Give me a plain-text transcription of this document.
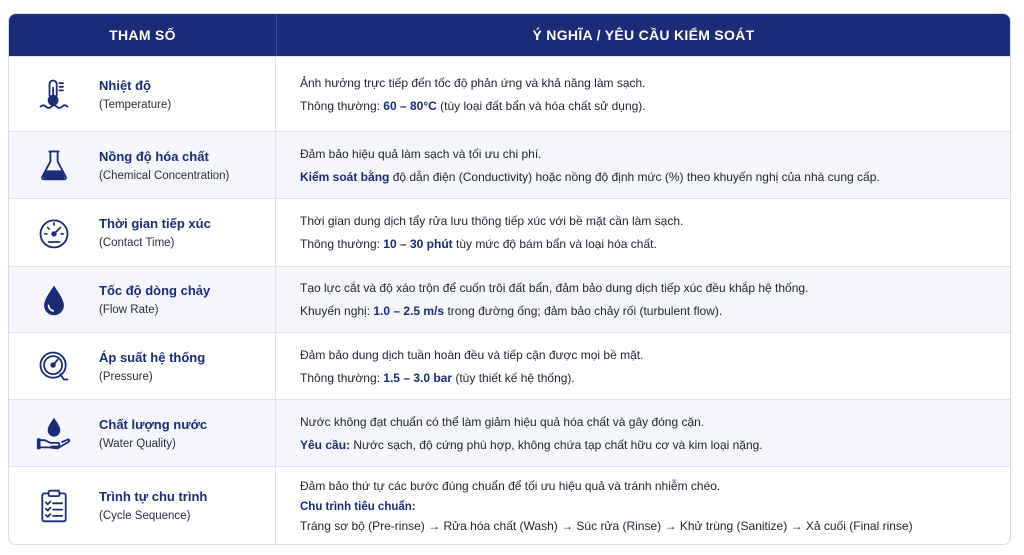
THAM SỐ	Ý NGHĨA / YÊU CẦU KIỂM SOÁT
Nhiệt độ
(Temperature)
Ảnh hưởng trực tiếp đến tốc độ phản ứng và khả năng làm sạch.
Thông thường: 60 – 80°C (tùy loại đất bẩn và hóa chất sử dụng).
Nồng độ hóa chất
(Chemical Concentration)
Đảm bảo hiệu quả làm sạch và tối ưu chi phí.
Kiểm soát bằng độ dẫn điện (Conductivity) hoặc nồng độ định mức (%) theo khuyến nghị của nhà cung cấp.
Thời gian tiếp xúc
(Contact Time)
Thời gian dung dịch tẩy rửa lưu thông tiếp xúc với bề mặt cần làm sạch.
Thông thường: 10 – 30 phút tùy mức độ bám bẩn và loại hóa chất.
Tốc độ dòng chảy
(Flow Rate)
Tạo lực cắt và độ xáo trộn để cuốn trôi đất bẩn, đảm bảo dung dịch tiếp xúc đều khắp hệ thống.
Khuyến nghị: 1.0 – 2.5 m/s trong đường ống; đảm bảo chảy rối (turbulent flow).
Áp suất hệ thống
(Pressure)
Đảm bảo dung dịch tuần hoàn đều và tiếp cận được mọi bề mặt.
Thông thường: 1.5 – 3.0 bar (tùy thiết kế hệ thống).
Chất lượng nước
(Water Quality)
Nước không đạt chuẩn có thể làm giảm hiệu quả hóa chất và gây đóng cặn.
Yêu cầu: Nước sạch, độ cứng phù hợp, không chứa tạp chất hữu cơ và kim loại nặng.
Trình tự chu trình
(Cycle Sequence)
Đảm bảo thứ tự các bước đúng chuẩn để tối ưu hiệu quả và tránh nhiễm chéo.
Chu trình tiêu chuẩn:
Tráng sơ bộ (Pre-rinse) → Rửa hóa chất (Wash) → Súc rửa (Rinse) → Khử trùng (Sanitize) → Xả cuối (Final rinse)
